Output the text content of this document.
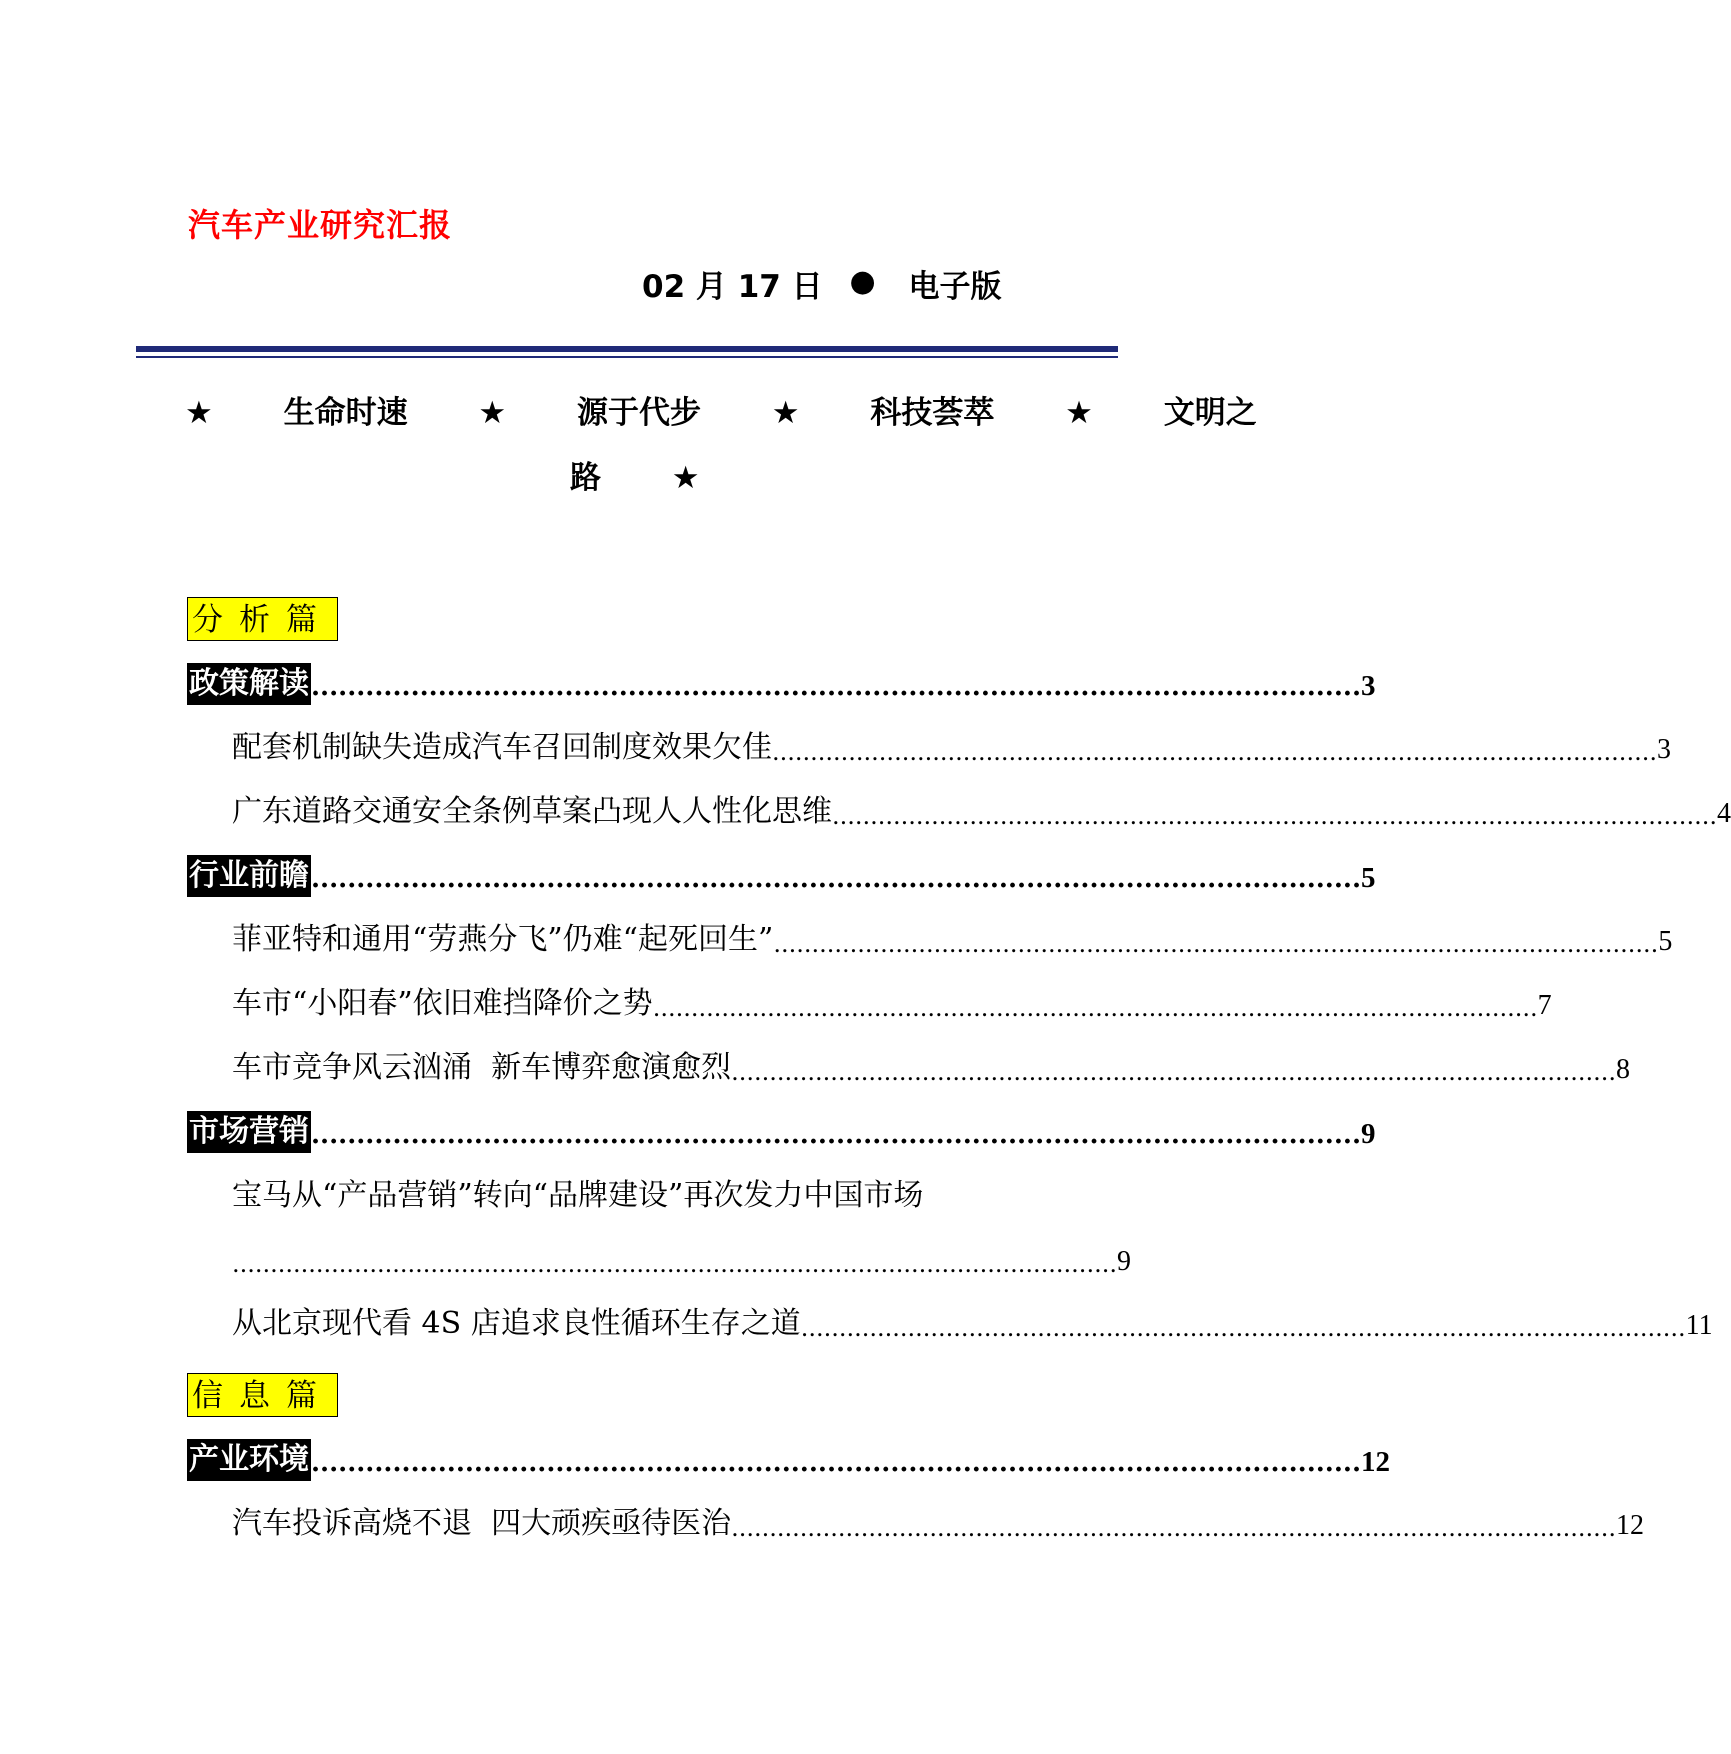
汽车产业研究汇报
02 月 17 日 ● 电子版
★ 生命时速 ★ 源于代步 ★ 科技荟萃 ★ 文明之
路 ★
分析篇
政策解读 .................................................................................................................... 3
配套机制缺失造成汽车召回制度效果欠佳 .................................................................................................................... 3
广东道路交通安全条例草案凸现人人性化思维 .................................................................................................................... 4
行业前瞻 .................................................................................................................... 5
菲亚特和通用“劳燕分飞”仍难“起死回生” .................................................................................................................... 5
车市“小阳春”依旧难挡降价之势 .................................................................................................................... 7
车市竞争风云汹涌  新车博弈愈演愈烈 .................................................................................................................... 8
市场营销 .................................................................................................................... 9
宝马从“产品营销”转向“品牌建设”再次发力中国市场
.................................................................................................................... 9
从北京现代看 4S 店追求良性循环生存之道 .................................................................................................................... 11
信息篇
产业环境 .................................................................................................................... 12
汽车投诉高烧不退  四大顽疾亟待医治 .................................................................................................................... 12
